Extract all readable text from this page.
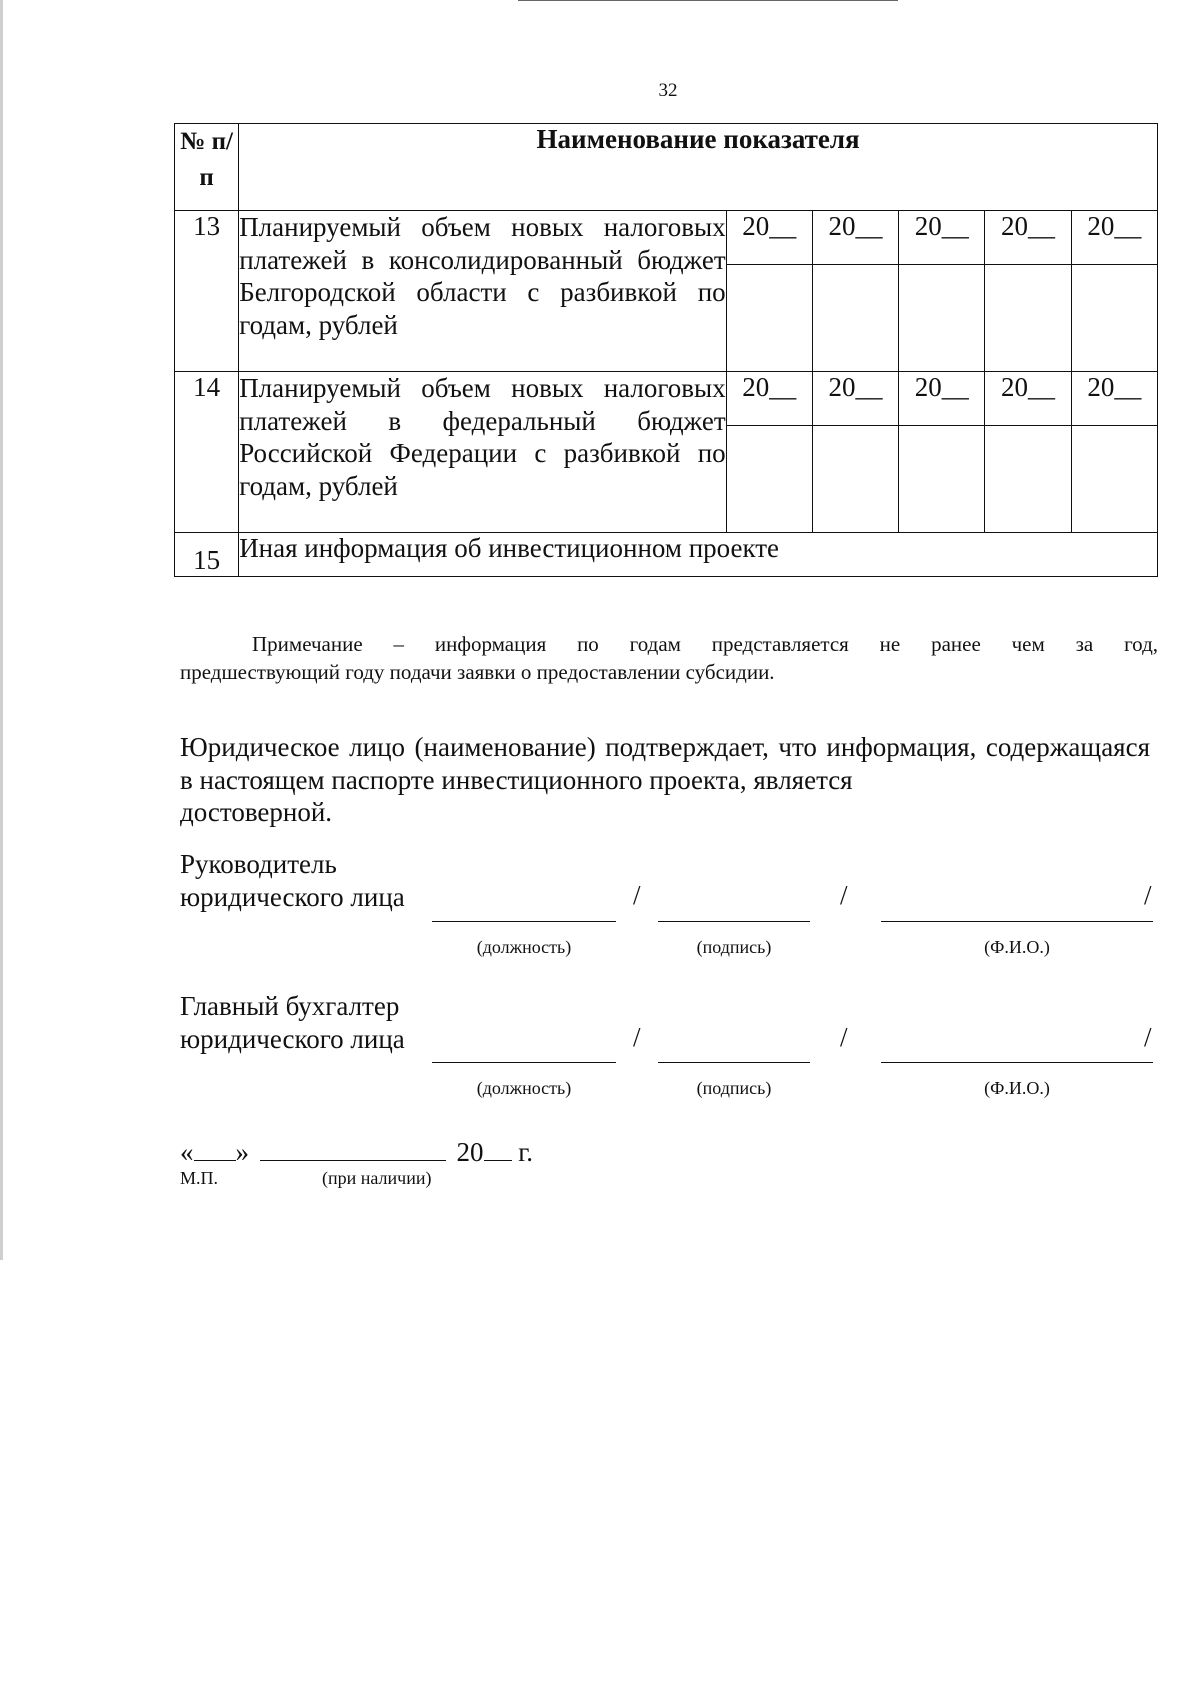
32
№ п/п	Наименование показателя					
13	Планируемый объем новых налоговых платежей в консолидированный бюджет Белгородской области с разбивкой по годам, рублей	20__	20__	20__	20__	20__

14	Планируемый объем новых налоговых платежей в федеральный бюджет Российской Федерации с разбивкой по годам, рублей	20__	20__	20__	20__	20__

15	Иная информация об инвестиционном проекте					
Примечание – информация по годам представляется не ранее чем за год,
предшествующий году подачи заявки о предоставлении субсидии.
Юридическое лицо (наименование) подтверждает, что информация, содержащаяся в настоящем паспорте инвестиционного проекта, является
достоверной.
Руководитель
юридического лица	/	/	/
(должность)	(подпись)	(Ф.И.О.)
Главный бухгалтер
юридического лица	/	/	/
(должность)	(подпись)	(Ф.И.О.)
« »	20 г.
М.П.	(при наличии)
